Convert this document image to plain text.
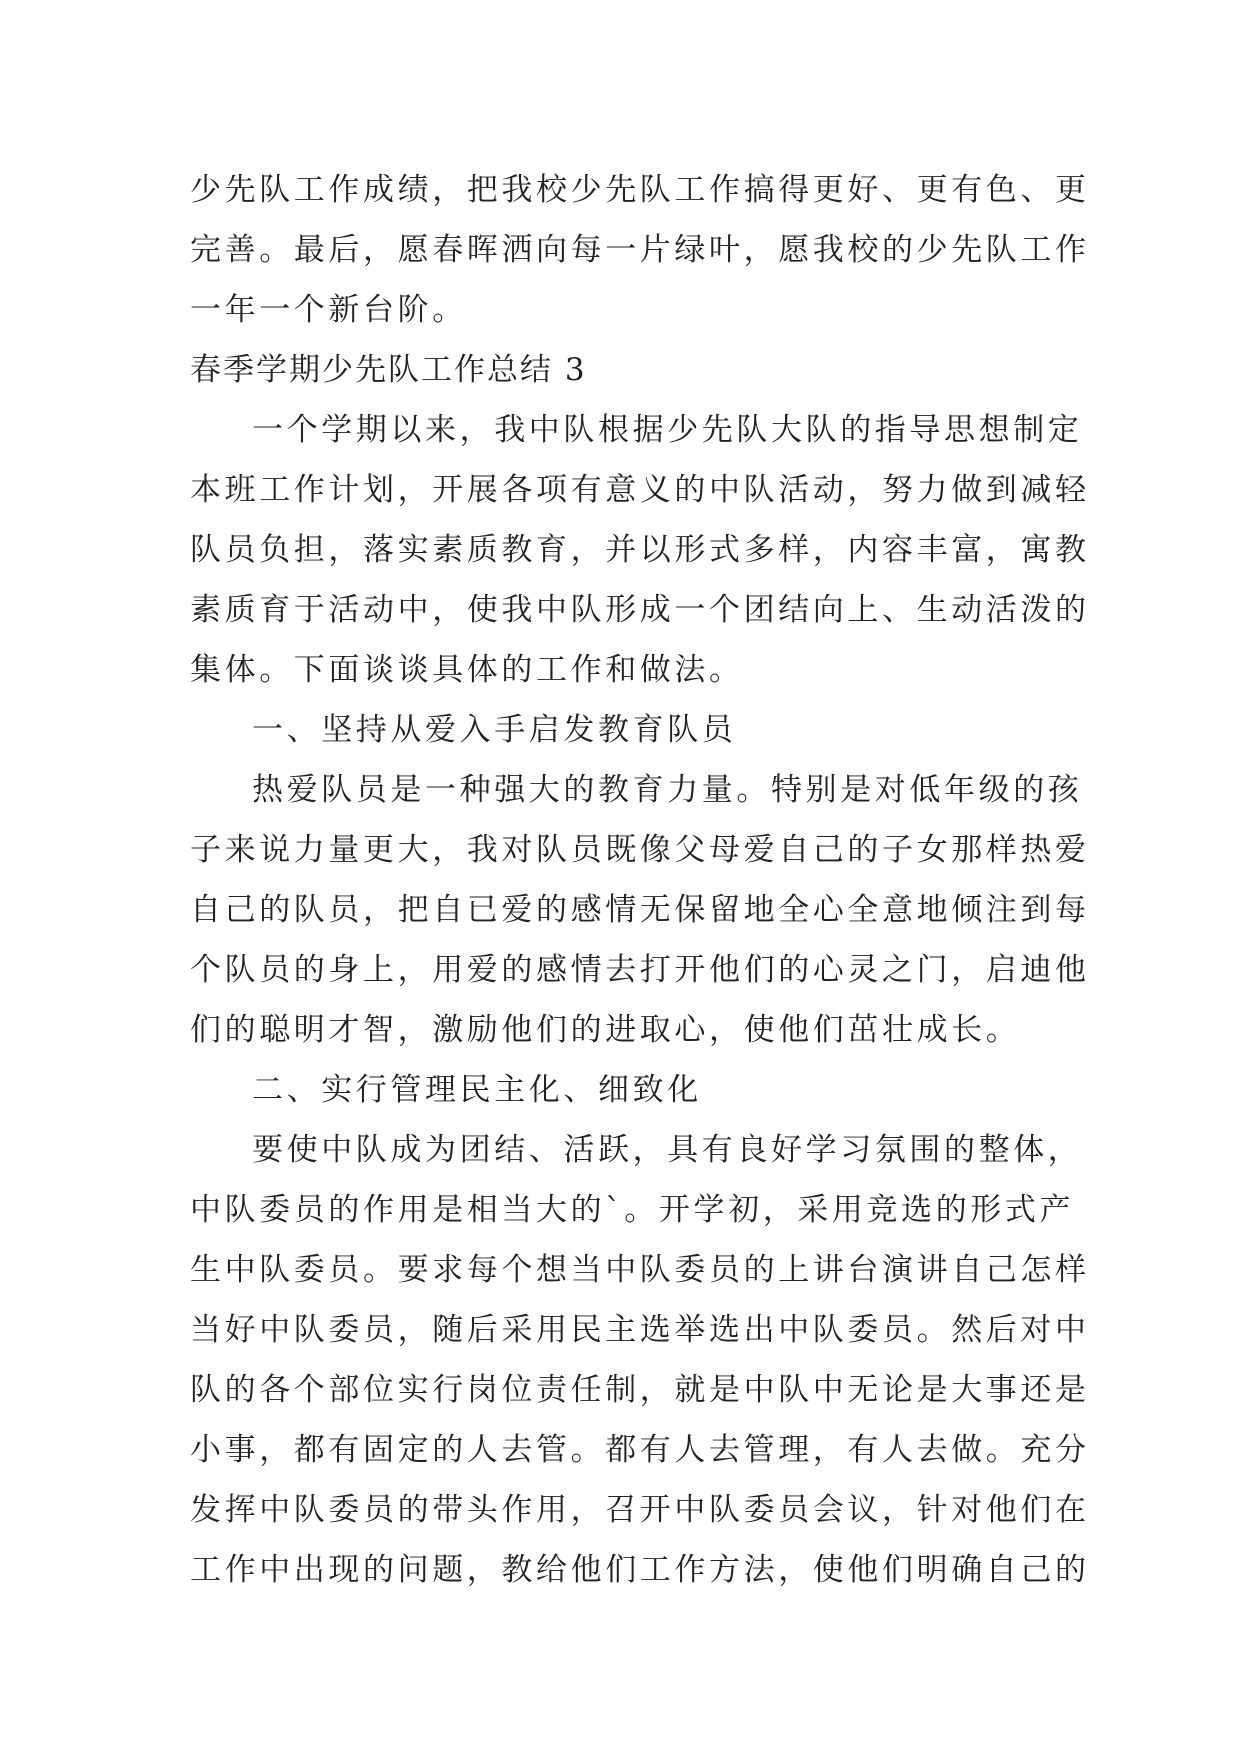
少先队工作成绩，把我校少先队工作搞得更好、更有色、更
完善。最后，愿春晖洒向每一片绿叶，愿我校的少先队工作
一年一个新台阶。
春季学期少先队工作总结 3
一个学期以来，我中队根据少先队大队的指导思想制定
本班工作计划，开展各项有意义的中队活动，努力做到减轻
队员负担，落实素质教育，并以形式多样，内容丰富，寓教
素质育于活动中，使我中队形成一个团结向上、生动活泼的
集体。下面谈谈具体的工作和做法。
一、坚持从爱入手启发教育队员
热爱队员是一种强大的教育力量。特别是对低年级的孩
子来说力量更大，我对队员既像父母爱自己的子女那样热爱
自己的队员，把自已爱的感情无保留地全心全意地倾注到每
个队员的身上，用爱的感情去打开他们的心灵之门，启迪他
们的聪明才智，激励他们的进取心，使他们茁壮成长。
二、实行管理民主化、细致化
要使中队成为团结、活跃，具有良好学习氛围的整体，
中队委员的作用是相当大的`。开学初，采用竞选的形式产
生中队委员。要求每个想当中队委员的上讲台演讲自己怎样
当好中队委员，随后采用民主选举选出中队委员。然后对中
队的各个部位实行岗位责任制，就是中队中无论是大事还是
小事，都有固定的人去管。都有人去管理，有人去做。充分
发挥中队委员的带头作用，召开中队委员会议，针对他们在
工作中出现的问题，教给他们工作方法，使他们明确自己的
